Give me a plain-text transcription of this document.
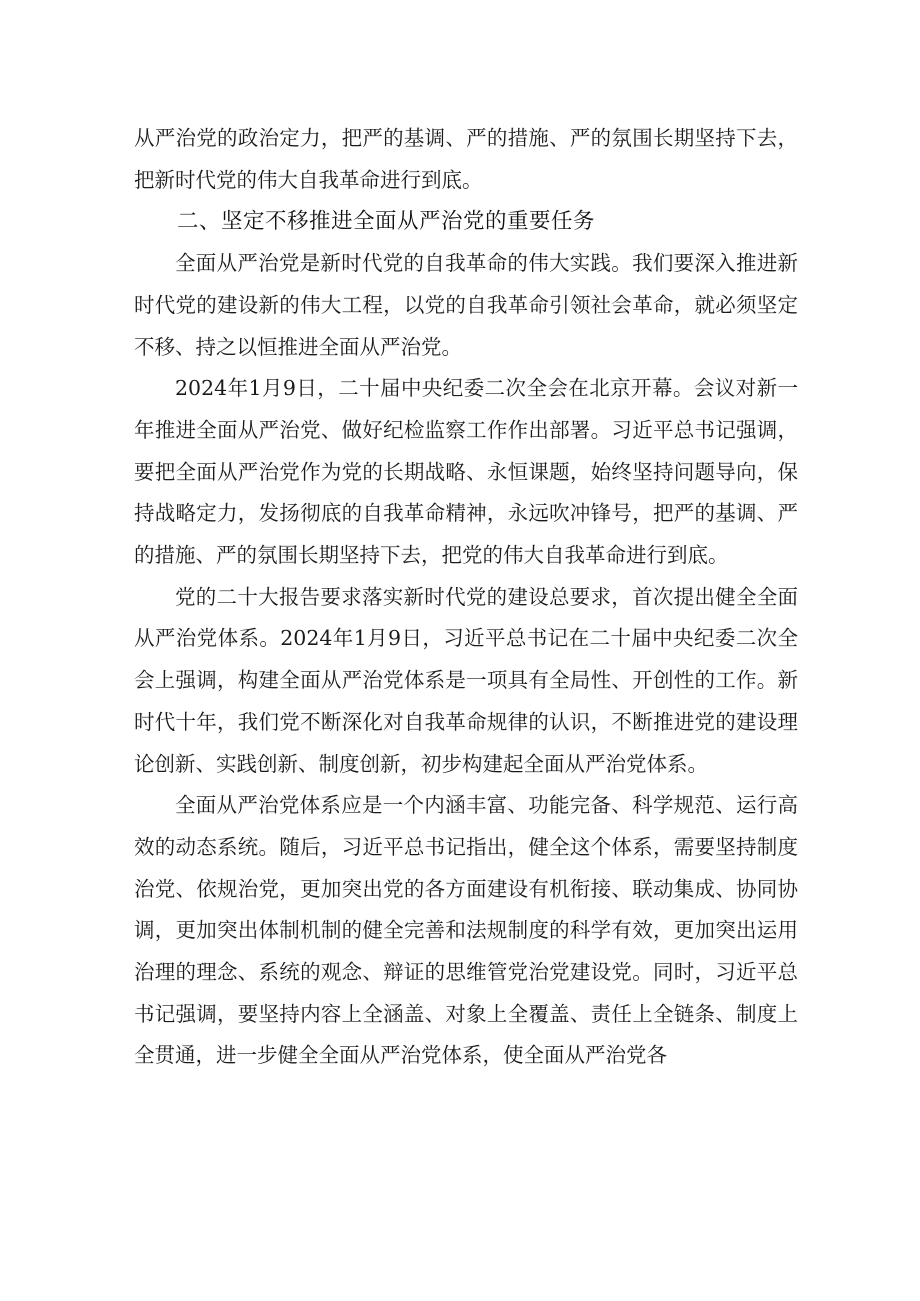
从严治党的政治定力，把严的基调、严的措施、严的氛围长期坚持下去，把新时代党的伟大自我革命进行到底。

二、坚定不移推进全面从严治党的重要任务

全面从严治党是新时代党的自我革命的伟大实践。我们要深入推进新时代党的建设新的伟大工程，以党的自我革命引领社会革命，就必须坚定不移、持之以恒推进全面从严治党。

2024年1月9日，二十届中央纪委二次全会在北京开幕。会议对新一年推进全面从严治党、做好纪检监察工作作出部署。习近平总书记强调，要把全面从严治党作为党的长期战略、永恒课题，始终坚持问题导向，保持战略定力，发扬彻底的自我革命精神，永远吹冲锋号，把严的基调、严的措施、严的氛围长期坚持下去，把党的伟大自我革命进行到底。

党的二十大报告要求落实新时代党的建设总要求，首次提出健全全面从严治党体系。2024年1月9日，习近平总书记在二十届中央纪委二次全会上强调，构建全面从严治党体系是一项具有全局性、开创性的工作。新时代十年，我们党不断深化对自我革命规律的认识，不断推进党的建设理论创新、实践创新、制度创新，初步构建起全面从严治党体系。

全面从严治党体系应是一个内涵丰富、功能完备、科学规范、运行高效的动态系统。随后，习近平总书记指出，健全这个体系，需要坚持制度治党、依规治党，更加突出党的各方面建设有机衔接、联动集成、协同协调，更加突出体制机制的健全完善和法规制度的科学有效，更加突出运用治理的理念、系统的观念、辩证的思维管党治党建设党。同时，习近平总书记强调，要坚持内容上全涵盖、对象上全覆盖、责任上全链条、制度上全贯通，进一步健全全面从严治党体系，使全面从严治党各
